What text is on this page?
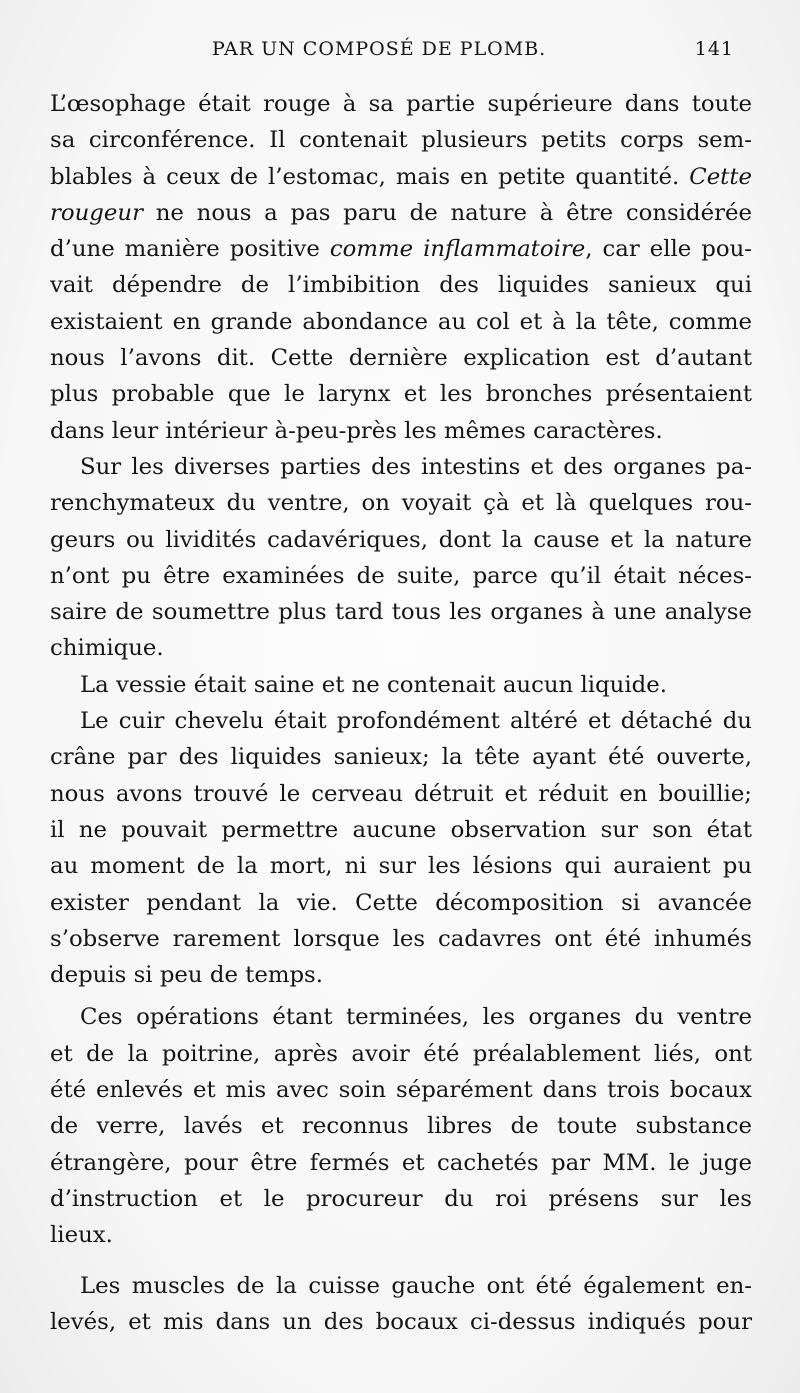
PAR UN COMPOSÉ DE PLOMB.	141
L’œsophage était rouge à sa partie supérieure dans toute
sa circonférence. Il contenait plusieurs petits corps sem-
blables à ceux de l’estomac, mais en petite quantité. Cette
rougeur ne nous a pas paru de nature à être considérée
d’une manière positive comme inflammatoire, car elle pou-
vait dépendre de l’imbibition des liquides sanieux qui
existaient en grande abondance au col et à la tête, comme
nous l’avons dit. Cette dernière explication est d’autant
plus probable que le larynx et les bronches présentaient
dans leur intérieur à-peu-près les mêmes caractères.
Sur les diverses parties des intestins et des organes pa-
renchymateux du ventre, on voyait çà et là quelques rou-
geurs ou lividités cadavériques, dont la cause et la nature
n’ont pu être examinées de suite, parce qu’il était néces-
saire de soumettre plus tard tous les organes à une analyse
chimique.
La vessie était saine et ne contenait aucun liquide.
Le cuir chevelu était profondément altéré et détaché du
crâne par des liquides sanieux; la tête ayant été ouverte,
nous avons trouvé le cerveau détruit et réduit en bouillie;
il ne pouvait permettre aucune observation sur son état
au moment de la mort, ni sur les lésions qui auraient pu
exister pendant la vie. Cette décomposition si avancée
s’observe rarement lorsque les cadavres ont été inhumés
depuis si peu de temps.
Ces opérations étant terminées, les organes du ventre
et de la poitrine, après avoir été préalablement liés, ont
été enlevés et mis avec soin séparément dans trois bocaux
de verre, lavés et reconnus libres de toute substance
étrangère, pour être fermés et cachetés par MM. le juge
d’instruction et le procureur du roi présens sur les
lieux.
Les muscles de la cuisse gauche ont été également en-
levés, et mis dans un des bocaux ci-dessus indiqués pour
